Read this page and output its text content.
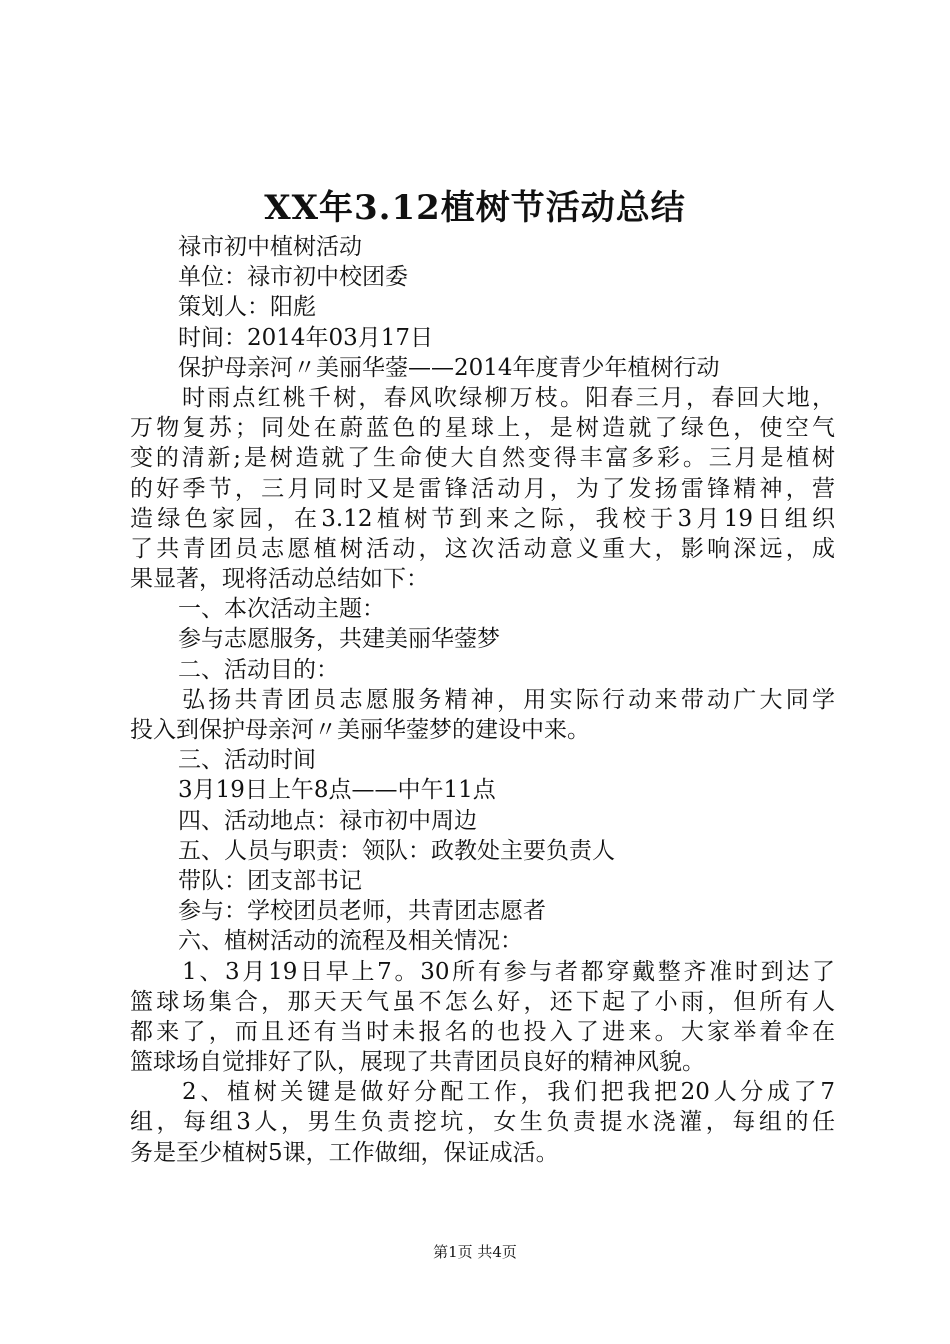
XX年3.12植树节活动总结
禄市初中植树活动
单位：禄市初中校团委
策划人：阳彪
时间：2014年03月17日
保护母亲河〃美丽华蓥——2014年度青少年植树行动
时雨点红桃千树，春风吹绿柳万枝。阳春三月，春回大地，
万物复苏；同处在蔚蓝色的星球上，是树造就了绿色，使空气
变的清新;是树造就了生命使大自然变得丰富多彩。三月是植树
的好季节，三月同时又是雷锋活动月，为了发扬雷锋精神，营
造绿色家园，在3.12植树节到来之际，我校于3月19日组织
了共青团员志愿植树活动，这次活动意义重大，影响深远，成
果显著，现将活动总结如下：
一、本次活动主题：
参与志愿服务，共建美丽华蓥梦
二、活动目的：
弘扬共青团员志愿服务精神，用实际行动来带动广大同学
投入到保护母亲河〃美丽华蓥梦的建设中来。
三、活动时间
3月19日上午8点——中午11点
四、活动地点：禄市初中周边
五、人员与职责：领队：政教处主要负责人
带队：团支部书记
参与：学校团员老师，共青团志愿者
六、植树活动的流程及相关情况：
1、3月19日早上7。30所有参与者都穿戴整齐准时到达了
篮球场集合，那天天气虽不怎么好，还下起了小雨，但所有人
都来了，而且还有当时未报名的也投入了进来。大家举着伞在
篮球场自觉排好了队，展现了共青团员良好的精神风貌。
2、植树关键是做好分配工作，我们把我把20人分成了7
组，每组3人，男生负责挖坑，女生负责提水浇灌，每组的任
务是至少植树5课，工作做细，保证成活。
第1页 共4页
